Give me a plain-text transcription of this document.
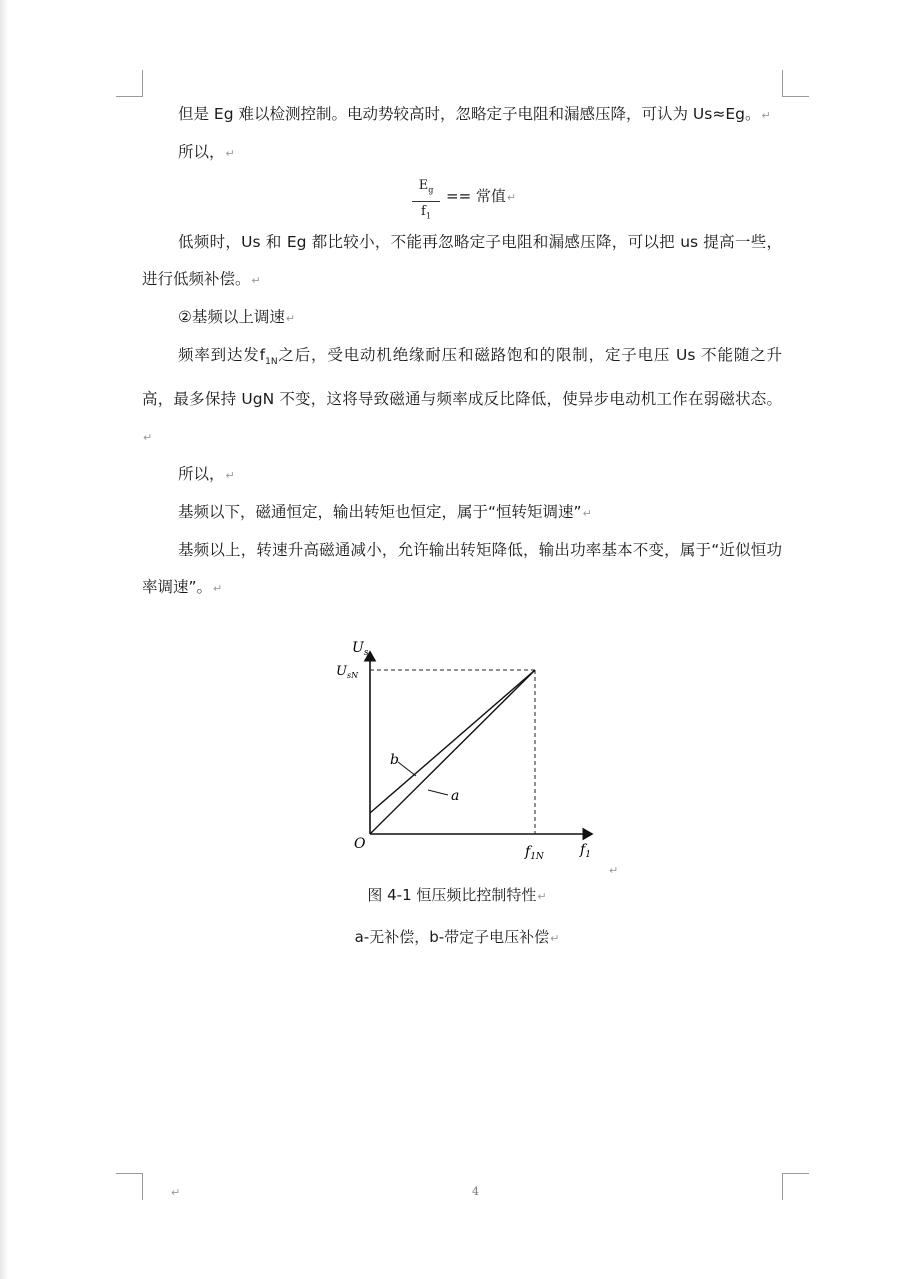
但是 Eg 难以检测控制。电动势较高时，忽略定子电阻和漏感压降，可认为 Us≈Eg。↵

所以，↵

$\frac{E_g}{f_1}$ == 常值↵

低频时，Us 和 Eg 都比较小，不能再忽略定子电阻和漏感压降，可以把 us 提高一些，进行低频补偿。↵

②基频以上调速↵

频率到达发$f_{1N}$之后，受电动机绝缘耐压和磁路饱和的限制，定子电压 Us 不能随之升高，最多保持 UgN 不变，这将导致磁通与频率成反比降低，使异步电动机工作在弱磁状态。↵

所以，↵

基频以下，磁通恒定，输出转矩也恒定，属于“恒转矩调速”↵

基频以上，转速升高磁通减小，允许输出转矩降低，输出功率基本不变，属于“近似恒功率调速”。↵

$U_s$
$U_{sN}$
O	$f_{1N}$	$f_1$
b
a
↵
图 4-1 恒压频比控制特性↵
a-无补偿，b-带定子电压补偿↵
↵	4
